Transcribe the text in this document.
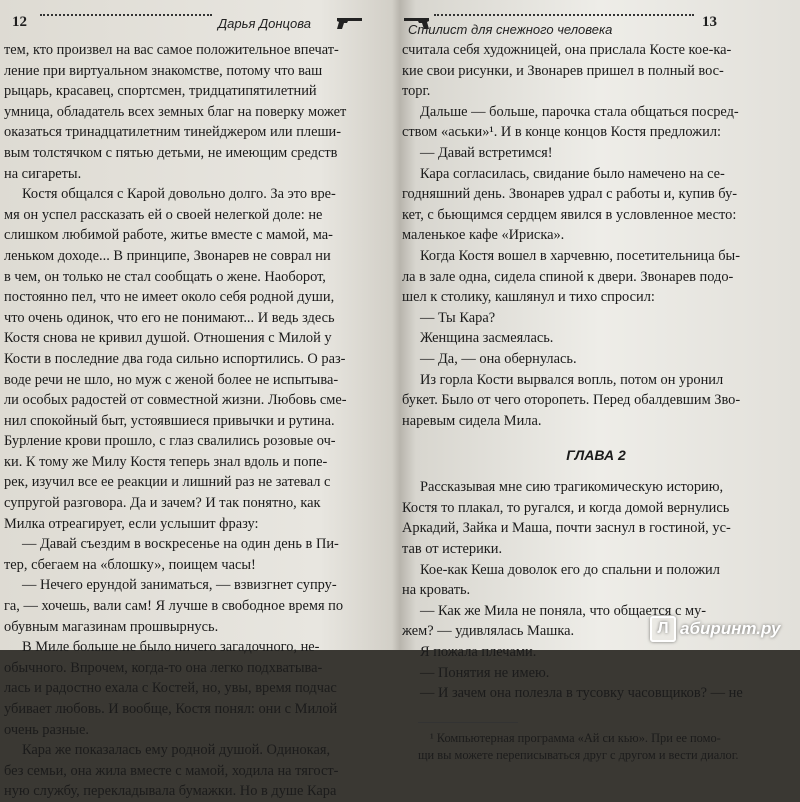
12	Дарья Донцова
тем, кто произвел на вас самое положительное впечат-
ление при виртуальном знакомстве, потому что ваш
рыцарь, красавец, спортсмен, тридцатипятилетний
умница, обладатель всех земных благ на поверку может
оказаться тринадцатилетним тинейджером или плеши-
вым толстячком с пятью детьми, не имеющим средств
на сигареты.
Костя общался с Карой довольно долго. За это вре-
мя он успел рассказать ей о своей нелегкой доле: не
слишком любимой работе, житье вместе с мамой, ма-
леньком доходе... В принципе, Звонарев не соврал ни
в чем, он только не стал сообщать о жене. Наоборот,
постоянно пел, что не имеет около себя родной души,
что очень одинок, что его не понимают... И ведь здесь
Костя снова не кривил душой. Отношения с Милой у
Кости в последние два года сильно испортились. О раз-
воде речи не шло, но муж с женой более не испытыва-
ли особых радостей от совместной жизни. Любовь сме-
нил спокойный быт, устоявшиеся привычки и рутина.
Бурление крови прошло, с глаз свалились розовые оч-
ки. К тому же Милу Костя теперь знал вдоль и попе-
рек, изучил все ее реакции и лишний раз не затевал с
супругой разговора. Да и зачем? И так понятно, как
Милка отреагирует, если услышит фразу:
— Давай съездим в воскресенье на один день в Пи-
тер, сбегаем на «блошку», поищем часы!
— Нечего ерундой заниматься, — взвизгнет супру-
га, — хочешь, вали сам! Я лучше в свободное время по
обувным магазинам прошвырнусь.
В Миле больше не было ничего загадочного, не-
обычного. Впрочем, когда-то она легко подхватыва-
лась и радостно ехала с Костей, но, увы, время подчас
убивает любовь. И вообще, Костя понял: они с Милой
очень разные.
Кара же показалась ему родной душой. Одинокая,
без семьи, она жила вместе с мамой, ходила на тягост-
ную службу, перекладывала бумажки. Но в душе Кара
Стилист для снежного человека	13
считала себя художницей, она прислала Косте кое-ка-
кие свои рисунки, и Звонарев пришел в полный вос-
торг.
Дальше — больше, парочка стала общаться посред-
ством «аськи»¹. И в конце концов Костя предложил:
— Давай встретимся!
Кара согласилась, свидание было намечено на се-
годняшний день. Звонарев удрал с работы и, купив бу-
кет, с бьющимся сердцем явился в условленное место:
маленькое кафе «Ириска».
Когда Костя вошел в харчевню, посетительница бы-
ла в зале одна, сидела спиной к двери. Звонарев подо-
шел к столику, кашлянул и тихо спросил:
— Ты Кара?
Женщина засмеялась.
— Да, — она обернулась.
Из горла Кости вырвался вопль, потом он уронил
букет. Было от чего оторопеть. Перед обалдевшим Зво-
наревым сидела Мила.
ГЛАВА 2
Рассказывая мне сию трагикомическую историю,
Костя то плакал, то ругался, и когда домой вернулись
Аркадий, Зайка и Маша, почти заснул в гостиной, ус-
тав от истерики.
Кое-как Кеша доволок его до спальни и положил
на кровать.
— Как же Мила не поняла, что общается с му-
жем? — удивлялась Машка.
Я пожала плечами.
— Понятия не имею.
— И зачем она полезла в тусовку часовщиков? — не
¹ Компьютерная программа «Ай си кью». При ее помо-
щи вы можете переписываться друг с другом и вести диалог.
Л абиринт.ру
